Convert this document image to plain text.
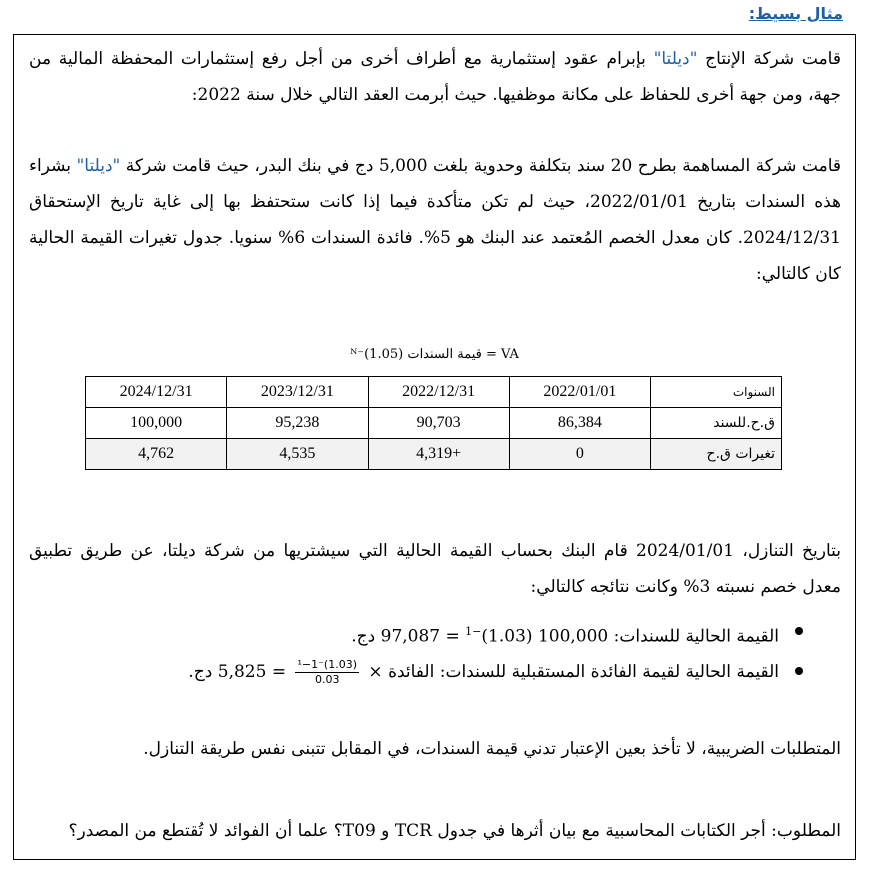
مثال بسيط:

قامت شركة الإنتاج "ديلتا" بإبرام عقود إستثمارية مع أطراف أخرى من أجل رفع إستثمارات المحفظة المالية من جهة، ومن جهة أخرى للحفاظ على مكانة موظفيها. حيث أبرمت العقد التالي خلال سنة 2022:

قامت شركة المساهمة بطرح 20 سند بتكلفة وحدوية بلغت 5,000 دج في بنك البدر، حيث قامت شركة "ديلتا" بشراء هذه السندات بتاريخ 2022/01/01، حيث لم تكن متأكدة فيما إذا كانت ستحتفظ بها إلى غاية تاريخ الإستحقاق 2024/12/31. كان معدل الخصم المُعتمد عند البنك هو 5%. فائدة السندات 6% سنويا. جدول تغيرات القيمة الحالية كان كالتالي:

VA = قيمة السندات (1.05)⁻ᴺ
السنوات	2022/01/01	2022/12/31	2023/12/31	2024/12/31
ق.ح.للسند	86,384	90,703	95,238	100,000
تغيرات ق.ح	0	+4,319	4,535	4,762
بتاريخ التنازل، 2024/01/01 قام البنك بحساب القيمة الحالية التي سيشتريها من شركة ديلتا، عن طريق تطبيق معدل خصم نسبته 3% وكانت نتائجه كالتالي:
القيمة الحالية للسندات: 100,000 $(1.03)^{-1} = 97,087$ دج.
القيمة الحالية لقيمة الفائدة المستقبلية للسندات: الفائدة ×
$\frac{\text{(1.03)⁻¹−1}}{0.03}$
= 5,825 دج.
المتطلبات الضريبية، لا تأخذ بعين الإعتبار تدني قيمة السندات، في المقابل تتبنى نفس طريقة التنازل.
المطلوب: أجر الكتابات المحاسبية مع بيان أثرها في جدول TCR و T09؟ علما أن الفوائد لا تُقتطع من المصدر؟
